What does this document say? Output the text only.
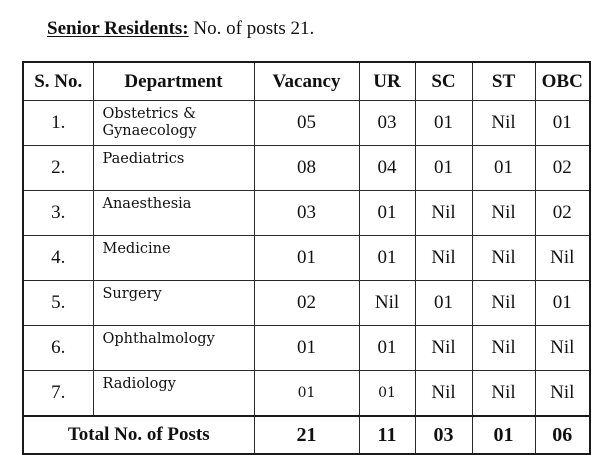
Senior Residents: No. of posts 21.
S. No.	Department	Vacancy	UR	SC	ST	OBC
1.	Obstetrics & Gynaecology	05	03	01	Nil	01
2.	Paediatrics	08	04	01	01	02
3.	Anaesthesia	03	01	Nil	Nil	02
4.	Medicine	01	01	Nil	Nil	Nil
5.	Surgery	02	Nil	01	Nil	01
6.	Ophthalmology	01	01	Nil	Nil	Nil
7.	Radiology	01	01	Nil	Nil	Nil
Total No. of Posts		21	11	03	01	06
